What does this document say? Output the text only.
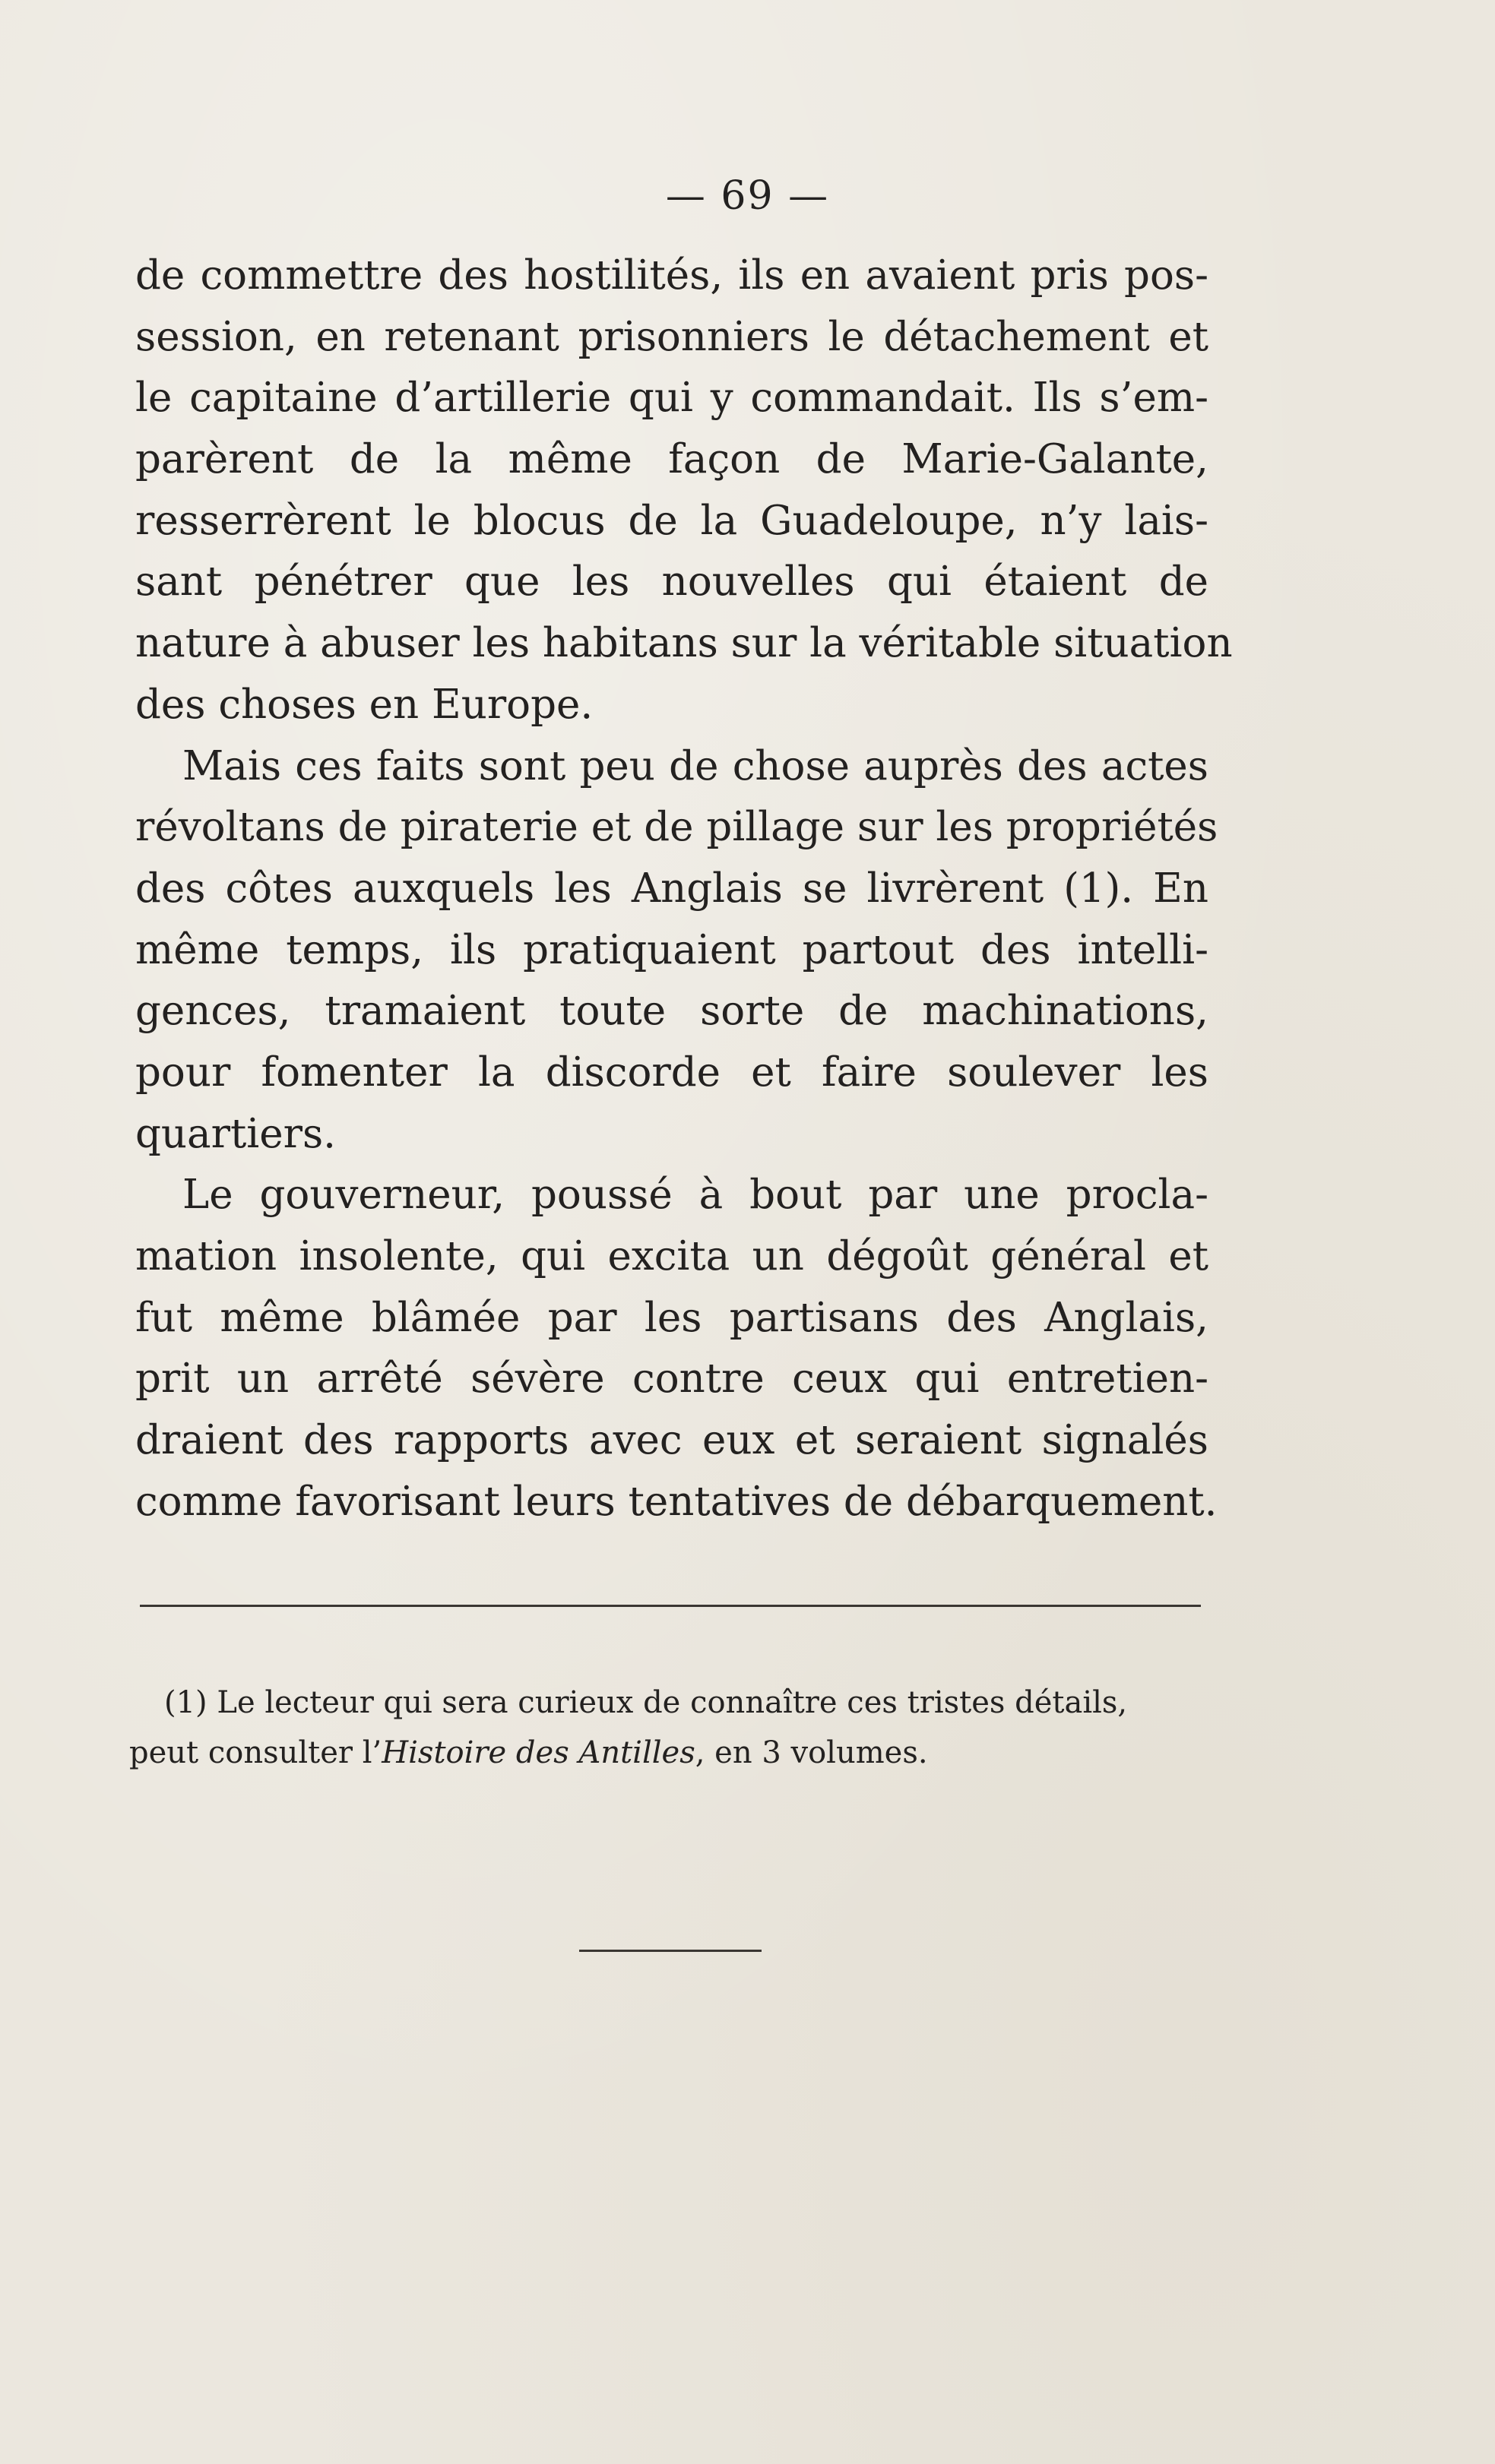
— 69 —
de commettre des hostilités, ils en avaient pris pos-
session, en retenant prisonniers le détachement et
le capitaine d’artillerie qui y commandait. Ils s’em-
parèrent de la même façon de Marie-Galante,
resserrèrent le blocus de la Guadeloupe, n’y lais-
sant pénétrer que les nouvelles qui étaient de
nature à abuser les habitans sur la véritable situation
des choses en Europe.
Mais ces faits sont peu de chose auprès des actes
révoltans de piraterie et de pillage sur les propriétés
des côtes auxquels les Anglais se livrèrent (1). En
même temps, ils pratiquaient partout des intelli-
gences, tramaient toute sorte de machinations,
pour fomenter la discorde et faire soulever les
quartiers.
Le gouverneur, poussé à bout par une procla-
mation insolente, qui excita un dégoût général et
fut même blâmée par les partisans des Anglais,
prit un arrêté sévère contre ceux qui entretien-
draient des rapports avec eux et seraient signalés
comme favorisant leurs tentatives de débarquement.
(1) Le lecteur qui sera curieux de connaître ces tristes détails,
peut consulter l’Histoire des Antilles, en 3 volumes.
